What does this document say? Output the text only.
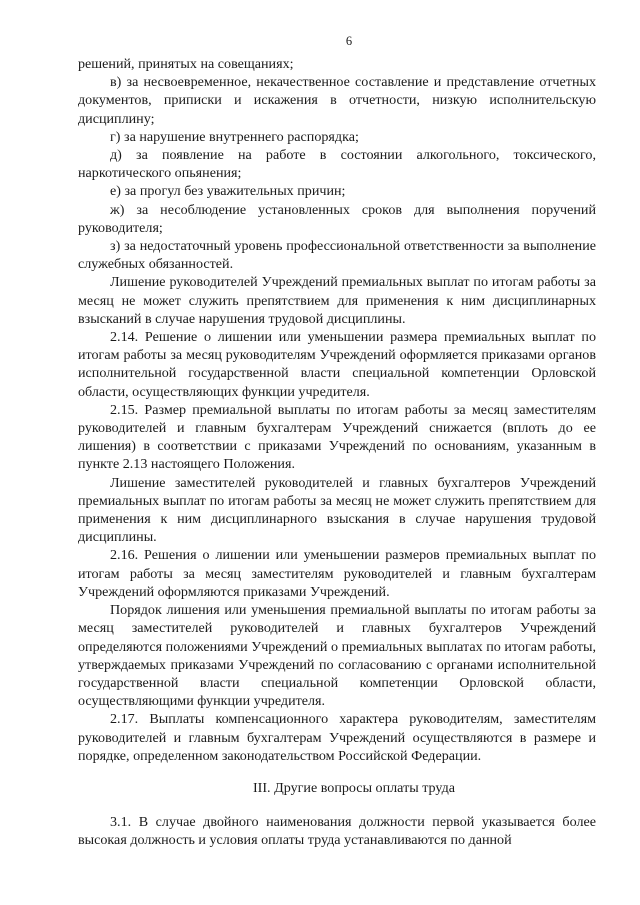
6

решений, принятых на совещаниях;

в) за несвоевременное, некачественное составление и представление отчетных документов, приписки и искажения в отчетности, низкую исполнительскую дисциплину;

г) за нарушение внутреннего распорядка;

д) за появление на работе в состоянии алкогольного, токсического, наркотического опьянения;

е) за прогул без уважительных причин;

ж) за несоблюдение установленных сроков для выполнения поручений руководителя;

з) за недостаточный уровень профессиональной ответственности за выполнение служебных обязанностей.

Лишение руководителей Учреждений премиальных выплат по итогам работы за месяц не может служить препятствием для применения к ним дисциплинарных взысканий в случае нарушения трудовой дисциплины.

2.14. Решение о лишении или уменьшении размера премиальных выплат по итогам работы за месяц руководителям Учреждений оформляется приказами органов исполнительной государственной власти специальной компетенции Орловской области, осуществляющих функции учредителя.

2.15. Размер премиальной выплаты по итогам работы за месяц заместителям руководителей и главным бухгалтерам Учреждений снижается (вплоть до ее лишения) в соответствии с приказами Учреждений по основаниям, указанным в пункте 2.13 настоящего Положения.

Лишение заместителей руководителей и главных бухгалтеров Учреждений премиальных выплат по итогам работы за месяц не может служить препятствием для применения к ним дисциплинарного взыскания в случае нарушения трудовой дисциплины.

2.16. Решения о лишении или уменьшении размеров премиальных выплат по итогам работы за месяц заместителям руководителей и главным бухгалтерам Учреждений оформляются приказами Учреждений.

Порядок лишения или уменьшения премиальной выплаты по итогам работы за месяц заместителей руководителей и главных бухгалтеров Учреждений определяются положениями Учреждений о премиальных выплатах по итогам работы, утверждаемых приказами Учреждений по согласованию с органами исполнительной государственной власти специальной компетенции Орловской области, осуществляющими функции учредителя.

2.17. Выплаты компенсационного характера руководителям, заместителям руководителей и главным бухгалтерам Учреждений осуществляются в размере и порядке, определенном законодательством Российской Федерации.

III. Другие вопросы оплаты труда

3.1. В случае двойного наименования должности первой указывается более высокая должность и условия оплаты труда устанавливаются по данной
